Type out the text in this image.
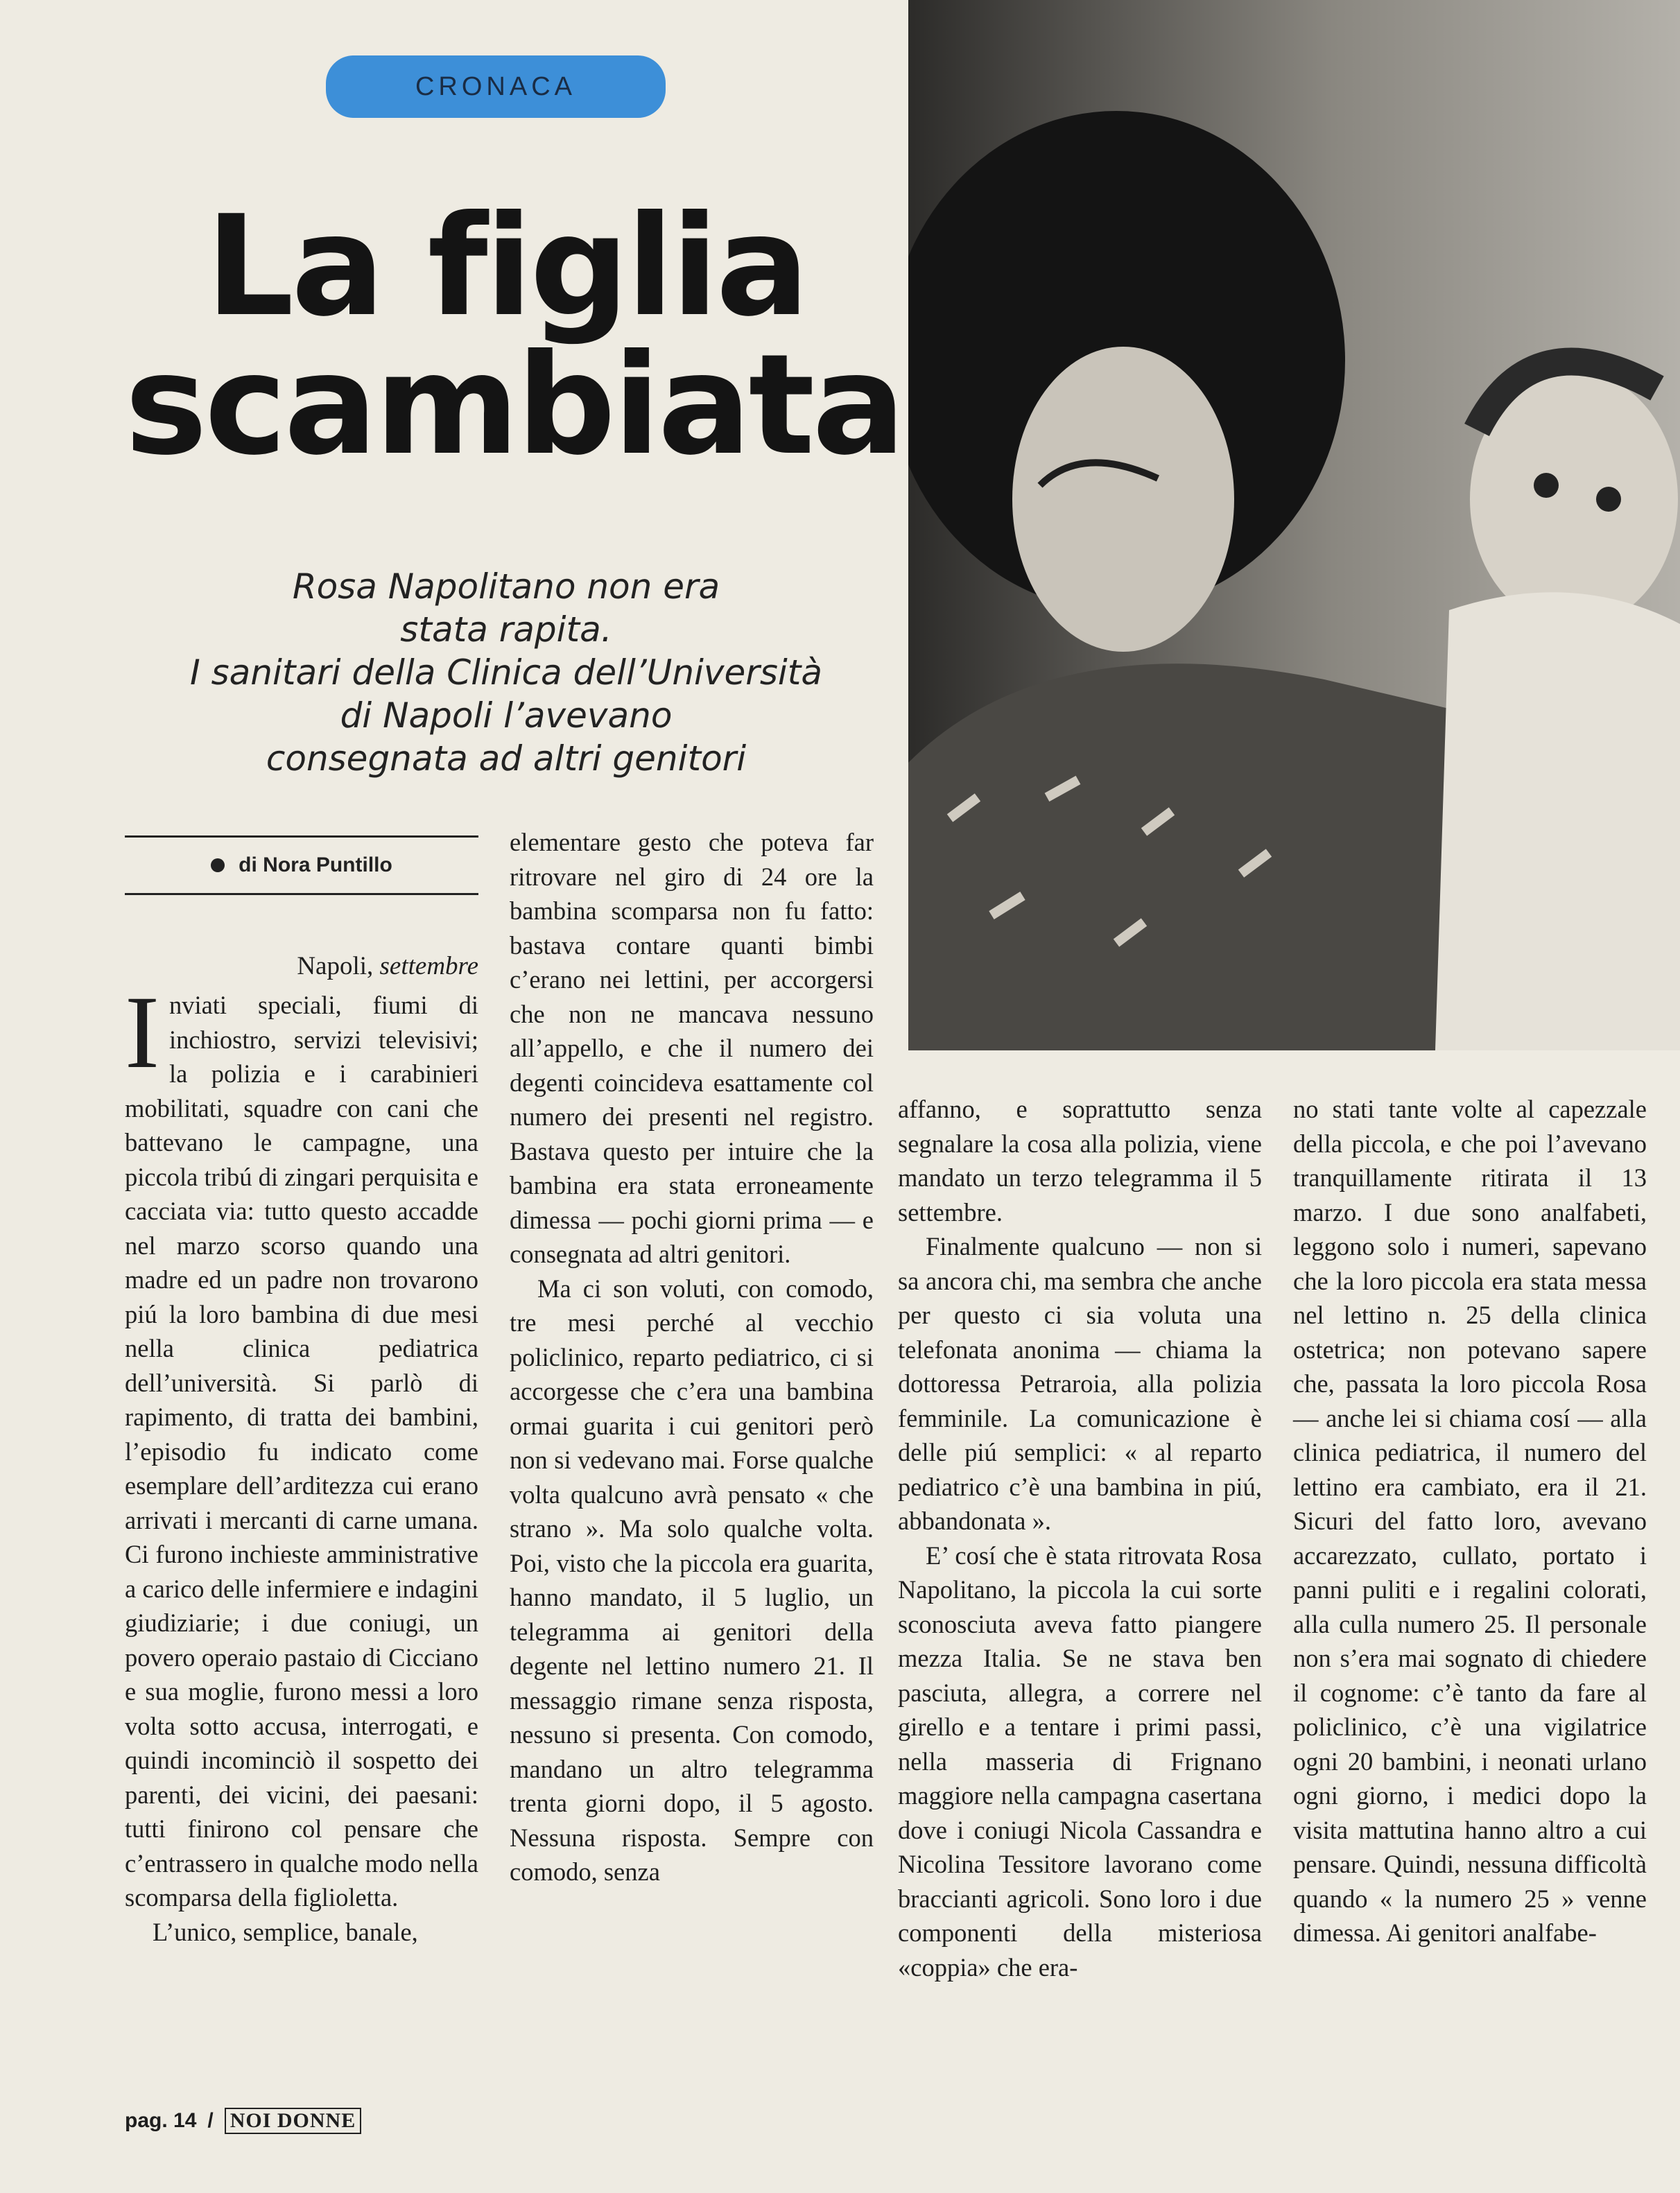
CRONACA
La figlia
scambiata
Rosa Napolitano non era
stata rapita.
I sanitari della Clinica dell’Università
di Napoli l’avevano
consegnata ad altri genitori
di Nora Puntillo
Napoli, settembre

Inviati speciali, fiumi di inchiostro, servizi televisivi; la polizia e i carabinieri mobilitati, squadre con cani che battevano le campagne, una piccola tribú di zingari perquisita e cacciata via: tutto questo accadde nel marzo scorso quando una madre ed un padre non trovarono piú la loro bambina di due mesi nella clinica pediatrica dell’università. Si parlò di rapimento, di tratta dei bambini, l’episodio fu indicato come esemplare dell’arditezza cui erano arrivati i mercanti di carne umana. Ci furono inchieste amministrative a carico delle infermiere e indagini giudiziarie; i due coniugi, un povero operaio pastaio di Cicciano e sua moglie, furono messi a loro volta sotto accusa, interrogati, e quindi incominciò il sospetto dei parenti, dei vicini, dei paesani: tutti finirono col pensare che c’entrassero in qualche modo nella scomparsa della figlioletta.

L’unico, semplice, banale,

elementare gesto che poteva far ritrovare nel giro di 24 ore la bambina scomparsa non fu fatto: bastava contare quanti bimbi c’erano nei lettini, per accorgersi che non ne mancava nessuno all’appello, e che il numero dei degenti coincideva esattamente col numero dei presenti nel registro. Bastava questo per intuire che la bambina era stata erroneamente dimessa — pochi giorni prima — e consegnata ad altri genitori.

Ma ci son voluti, con comodo, tre mesi perché al vecchio policlinico, reparto pediatrico, ci si accorgesse che c’era una bambina ormai guarita i cui genitori però non si vedevano mai. Forse qualche volta qualcuno avrà pensato « che strano ». Ma solo qualche volta. Poi, visto che la piccola era guarita, hanno mandato, il 5 luglio, un telegramma ai genitori della degente nel lettino numero 21. Il messaggio rimane senza risposta, nessuno si presenta. Con comodo, mandano un altro telegramma trenta giorni dopo, il 5 agosto. Nessuna risposta. Sempre con comodo, senza

affanno, e soprattutto senza segnalare la cosa alla polizia, viene mandato un terzo telegramma il 5 settembre.

Finalmente qualcuno — non si sa ancora chi, ma sembra che anche per questo ci sia voluta una telefonata anonima — chiama la dottoressa Petraroia, alla polizia femminile. La comunicazione è delle piú semplici: « al reparto pediatrico c’è una bambina in piú, abbandonata ».

E’ cosí che è stata ritrovata Rosa Napolitano, la piccola la cui sorte sconosciuta aveva fatto piangere mezza Italia. Se ne stava ben pasciuta, allegra, a correre nel girello e a tentare i primi passi, nella masseria di Frignano maggiore nella campagna casertana dove i coniugi Nicola Cassandra e Nicolina Tessitore lavorano come braccianti agricoli. Sono loro i due componenti della misteriosa «coppia» che era-

no stati tante volte al capezzale della piccola, e che poi l’avevano tranquillamente ritirata il 13 marzo. I due sono analfabeti, leggono solo i numeri, sapevano che la loro piccola era stata messa nel lettino n. 25 della clinica ostetrica; non potevano sapere che, passata la loro piccola Rosa — anche lei si chiama cosí — alla clinica pediatrica, il numero del lettino era cambiato, era il 21. Sicuri del fatto loro, avevano accarezzato, cullato, portato i panni puliti e i regalini colorati, alla culla numero 25. Il personale non s’era mai sognato di chiedere il cognome: c’è tanto da fare al policlinico, c’è una vigilatrice ogni 20 bambini, i neonati urlano ogni giorno, i medici dopo la visita mattutina hanno altro a cui pensare. Quindi, nessuna difficoltà quando « la numero 25 » venne dimessa. Ai genitori analfabe-

pag. 14 / NOI DONNE
